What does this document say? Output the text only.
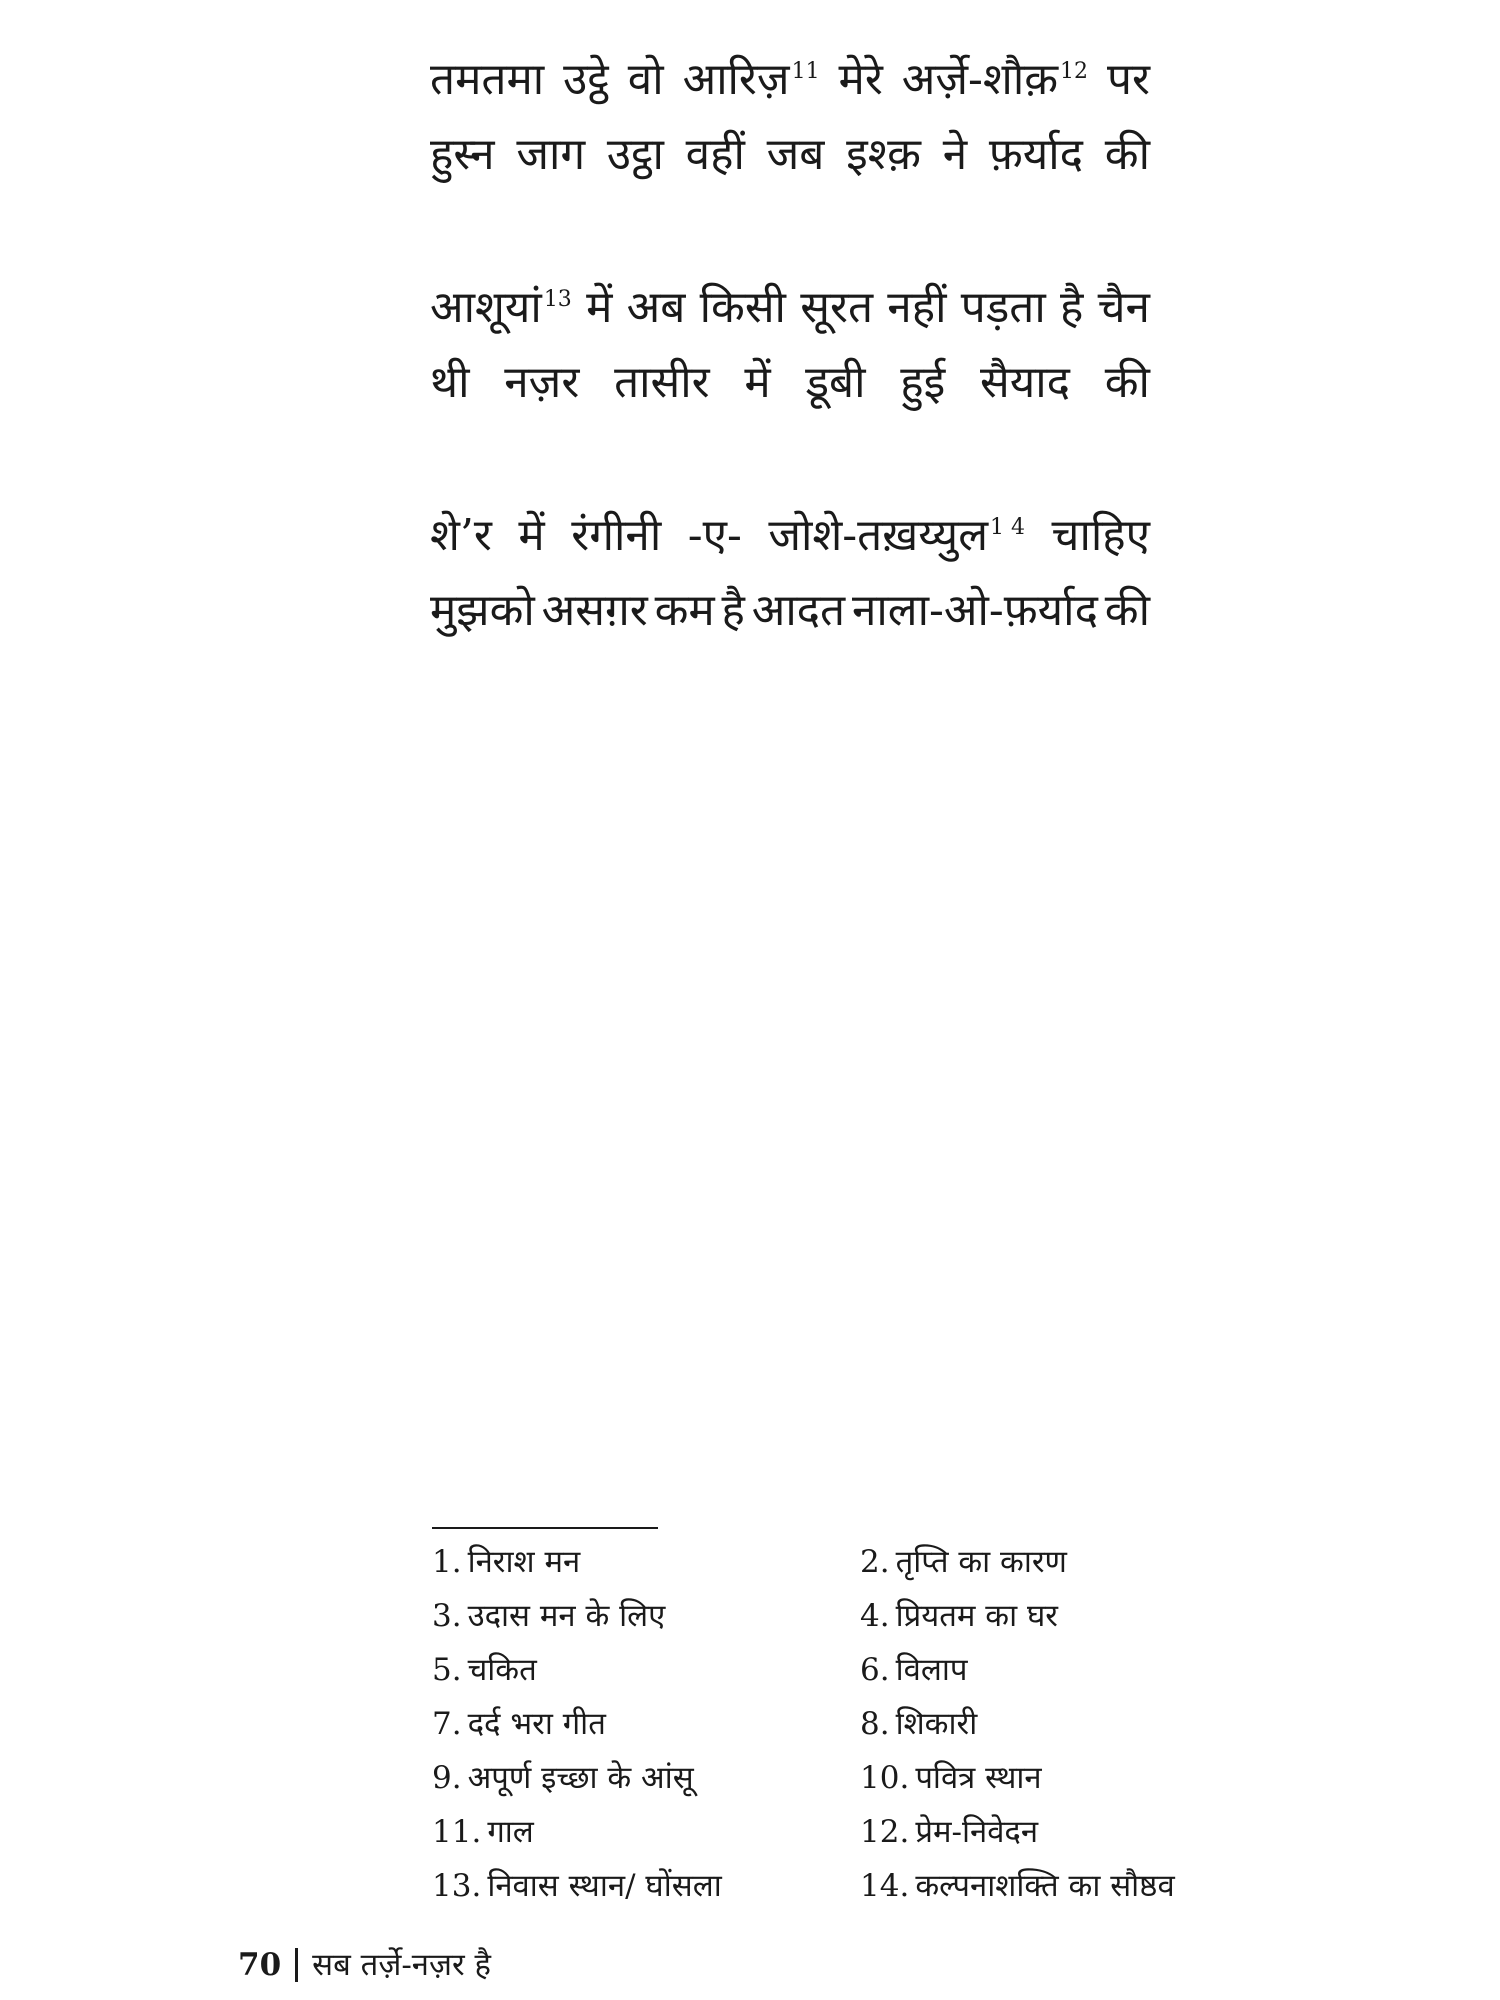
तमतमा उट्ठे वो आरिज़$^{11}$ मेरे अर्ज़े-शौक़$^{12}$ पर
हुस्न जाग उट्ठा वहीं जब इश्क़ ने फ़र्याद की
आशूयां$^{13}$ में अब किसी सूरत नहीं पड़ता है चैन
थी नज़र तासीर में डूबी हुई सैयाद की
शे’र में रंगीनी -ए- जोशे-तख़य्युल$^{1 4}$ चाहिए
मुझको असग़र कम है आदत नाला-ओ-फ़र्याद की
1. निराश मन	2. तृप्ति का कारण
3. उदास मन के लिए	4. प्रियतम का घर
5. चकित	6. विलाप
7. दर्द भरा गीत	8. शिकारी
9. अपूर्ण इच्छा के आंसू	10. पवित्र स्थान
11. गाल	12. प्रेम-निवेदन
13. निवास स्थान/ घोंसला	14. कल्पनाशक्ति का सौष्ठव
70 सब तर्ज़े-नज़र है
